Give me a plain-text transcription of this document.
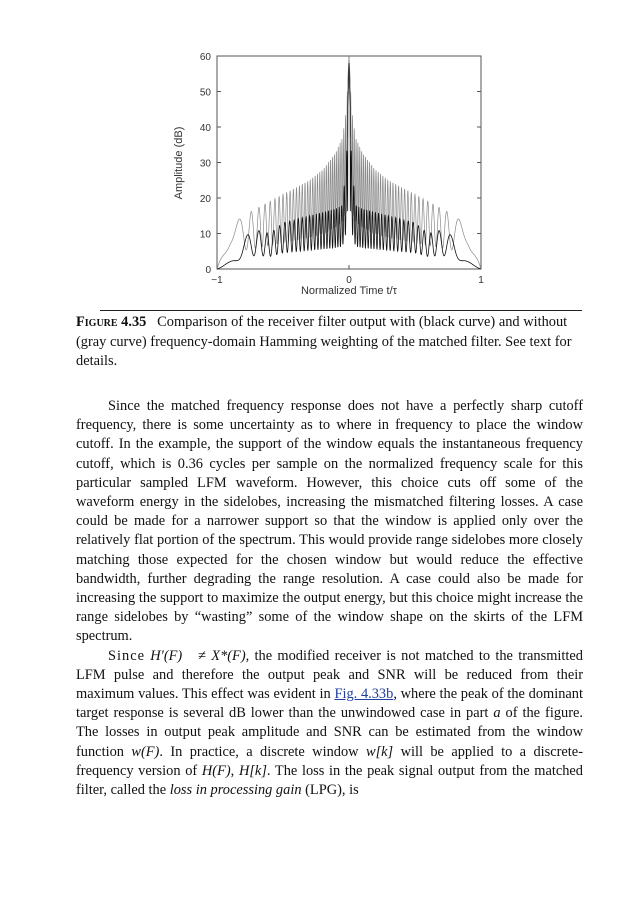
0
10
20
30
40
50
60
−1	0	1
Amplitude (dB)
Normalized Time t/τ
Figure 4.35 Comparison of the receiver filter output with (black curve) and without (gray curve) frequency-domain Hamming weighting of the matched filter. See text for details.

Since the matched frequency response does not have a perfectly sharp cutoff frequency, there is some uncertainty as to where in frequency to place the window cutoff. In the example, the support of the window equals the instantaneous frequency cutoff, which is 0.36 cycles per sample on the normalized frequency scale for this particular sampled LFM waveform. However, this choice cuts off some of the waveform energy in the sidelobes, increasing the mismatched filtering losses. A case could be made for a narrower support so that the window is applied only over the relatively flat portion of the spectrum. This would provide range sidelobes more closely matching those expected for the chosen window but would reduce the effective bandwidth, further degrading the range resolution. A case could also be made for increasing the support to maximize the output energy, but this choice might increase the range sidelobes by “wasting” some of the window shape on the skirts of the LFM spectrum.

Since H′(F) ≠ X*(F), the modified receiver is not matched to the transmitted LFM pulse and therefore the output peak and SNR will be reduced from their maximum values. This effect was evident in Fig. 4.33b, where the peak of the dominant target response is several dB lower than the unwindowed case in part a of the figure. The losses in output peak amplitude and SNR can be estimated from the window function w(F). In practice, a discrete window w[k] will be applied to a discrete-frequency version of H(F), H[k]. The loss in the peak signal output from the matched filter, called the loss in processing gain (LPG), is
